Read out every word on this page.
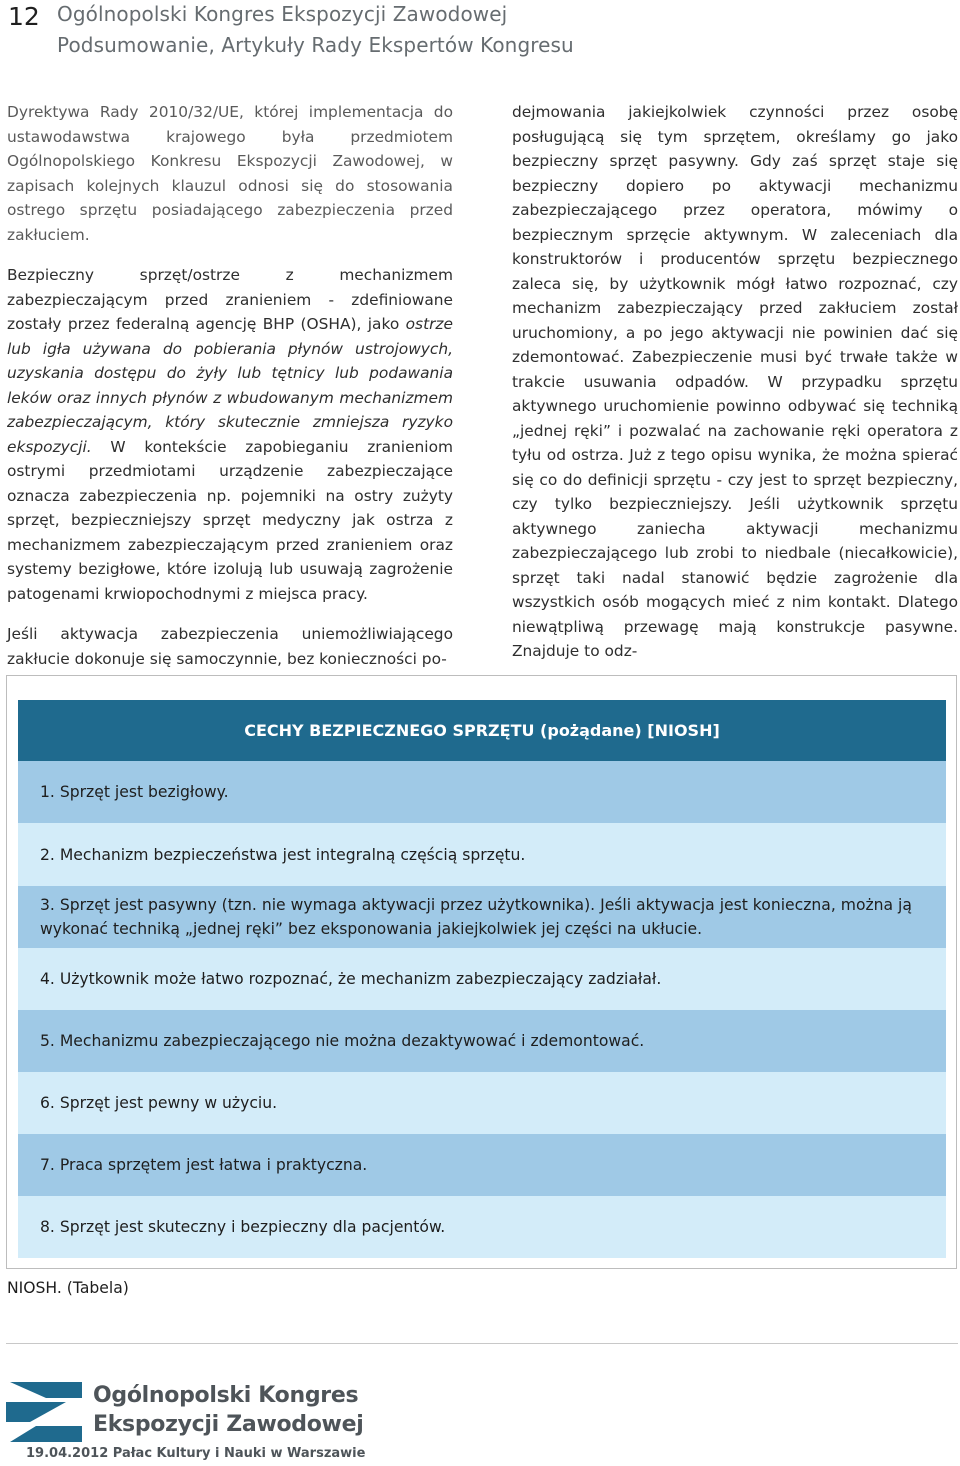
12 Ogólnopolski Kongres Ekspozycji Zawodowej
Podsumowanie, Artykuły Rady Ekspertów Kongresu

Dyrektywa Rady 2010/32/UE, której implementacja do ustawodawstwa krajowego była przedmiotem Ogólnopolskiego Konkresu Ekspozycji Zawodowej, w zapisach kolejnych klauzul odnosi się do stosowania ostrego sprzętu posiadającego zabezpieczenia przed zakłuciem.

Bezpieczny sprzęt/ostrze z mechanizmem zabezpieczającym przed zranieniem - zdefiniowane zostały przez federalną agencję BHP (OSHA), jako ostrze lub igła używana do pobierania płynów ustrojowych, uzyskania dostępu do żyły lub tętnicy lub podawania leków oraz innych płynów z wbudowanym mechanizmem zabezpieczającym, który skutecznie zmniejsza ryzyko ekspozycji. W kontekście zapobieganiu zranieniom ostrymi przedmiotami urządzenie zabezpieczające oznacza zabezpieczenia np. pojemniki na ostry zużyty sprzęt, bezpieczniejszy sprzęt medyczny jak ostrza z mechanizmem zabezpieczającym przed zranieniem oraz systemy bezigłowe, które izolują lub usuwają zagrożenie patogenami krwiopochodnymi z miejsca pracy.

Jeśli aktywacja zabezpieczenia uniemożliwiającego zakłucie dokonuje się samoczynnie, bez konieczności po-

dejmowania jakiejkolwiek czynności przez osobę posługującą się tym sprzętem, określamy go jako bezpieczny sprzęt pasywny. Gdy zaś sprzęt staje się bezpieczny dopiero po aktywacji mechanizmu zabezpieczającego przez operatora, mówimy o bezpiecznym sprzęcie aktywnym. W zaleceniach dla konstruktorów i producentów sprzętu bezpiecznego zaleca się, by użytkownik mógł łatwo rozpoznać, czy mechanizm zabezpieczający przed zakłuciem został uruchomiony, a po jego aktywacji nie powinien dać się zdemontować. Zabezpieczenie musi być trwałe także w trakcie usuwania odpadów. W przypadku sprzętu aktywnego uruchomienie powinno odbywać się techniką „jednej ręki” i pozwalać na zachowanie ręki operatora z tyłu od ostrza. Już z tego opisu wynika, że można spierać się co do definicji sprzętu - czy jest to sprzęt bezpieczny, czy tylko bezpieczniejszy. Jeśli użytkownik sprzętu aktywnego zaniecha aktywacji mechanizmu zabezpieczającego lub zrobi to niedbale (niecałkowicie), sprzęt taki nadal stanowić będzie zagrożenie dla wszystkich osób mogących mieć z nim kontakt. Dlatego niewątpliwą przewagę mają konstrukcje pasywne. Znajduje to odz-

CECHY BEZPIECZNEGO SPRZĘTU (pożądane) [NIOSH]
1. Sprzęt jest bezigłowy.
2. Mechanizm bezpieczeństwa jest integralną częścią sprzętu.
3. Sprzęt jest pasywny (tzn. nie wymaga aktywacji przez użytkownika). Jeśli aktywacja jest konieczna, można ją wykonać techniką „jednej ręki” bez eksponowania jakiejkolwiek jej części na ukłucie.
4. Użytkownik może łatwo rozpoznać, że mechanizm zabezpieczający zadziałał.
5. Mechanizmu zabezpieczającego nie można dezaktywować i zdemontować.
6. Sprzęt jest pewny w użyciu.
7. Praca sprzętem jest łatwa i praktyczna.
8. Sprzęt jest skuteczny i bezpieczny dla pacjentów.
NIOSH. (Tabela)
Ogólnopolski Kongres
Ekspozycji Zawodowej
19.04.2012 Pałac Kultury i Nauki w Warszawie
